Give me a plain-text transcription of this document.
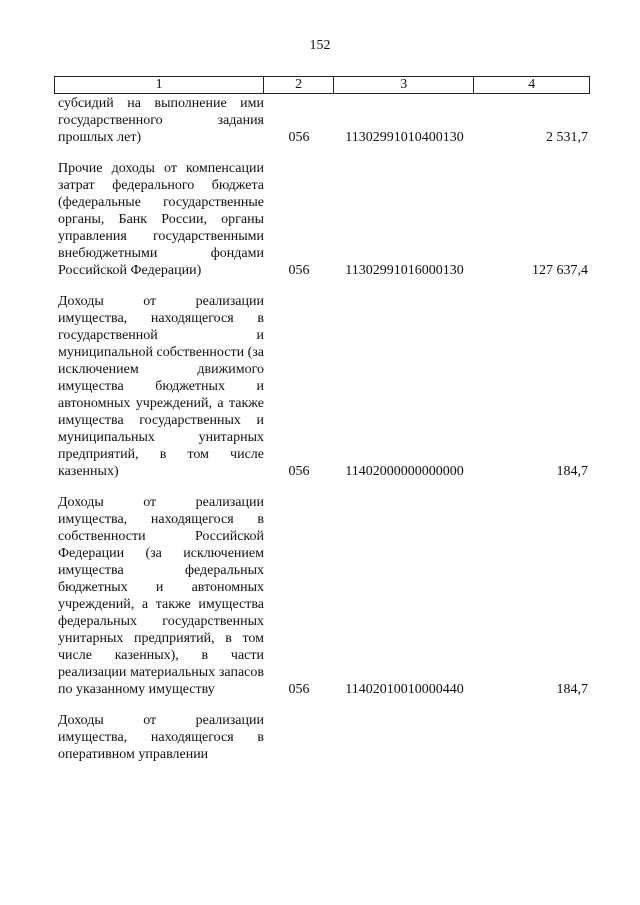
152
1	2	3	4
субсидий на выполнение ими государственного задания прошлых лет)	056	11302991010400130	2 531,7
Прочие доходы от компенсации затрат федерального бюджета (федеральные государственные органы, Банк России, органы управления государственными внебюджетными фондами Российской Федерации)	056	11302991016000130	127 637,4
Доходы от реализации имущества, находящегося в государственной и муниципальной собственности (за исключением движимого имущества бюджетных и автономных учреждений, а также имущества государственных и муниципальных унитарных предприятий, в том числе казенных)	056	11402000000000000	184,7
Доходы от реализации имущества, находящегося в собственности Российской Федерации (за исключением имущества федеральных бюджетных и автономных учреждений, а также имущества федеральных государственных унитарных предприятий, в том числе казенных), в части реализации материальных запасов по указанному имуществу	056	11402010010000440	184,7
Доходы от реализации имущества, находящегося в оперативном управлении
